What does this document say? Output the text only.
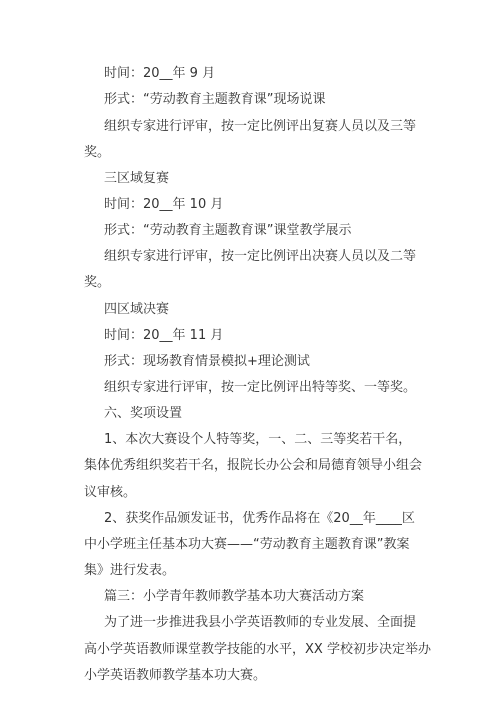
时间：20__年 9 月
形式：“劳动教育主题教育课”现场说课
组织专家进行评审，按一定比例评出复赛人员以及三等
奖。
三区域复赛
时间：20__年 10 月
形式：“劳动教育主题教育课”课堂教学展示
组织专家进行评审，按一定比例评出决赛人员以及二等
奖。
四区域决赛
时间：20__年 11 月
形式：现场教育情景模拟+理论测试
组织专家进行评审，按一定比例评出特等奖、一等奖。
六、奖项设置
1、本次大赛设个人特等奖，一、二、三等奖若干名，
集体优秀组织奖若干名，报院长办公会和局德育领导小组会
议审核。
2、获奖作品颁发证书，优秀作品将在《20__年____区
中小学班主任基本功大赛——“劳动教育主题教育课”教案
集》进行发表。
篇三：小学青年教师教学基本功大赛活动方案
为了进一步推进我县小学英语教师的专业发展、全面提
高小学英语教师课堂教学技能的水平，XX 学校初步决定举办
小学英语教师教学基本功大赛。
